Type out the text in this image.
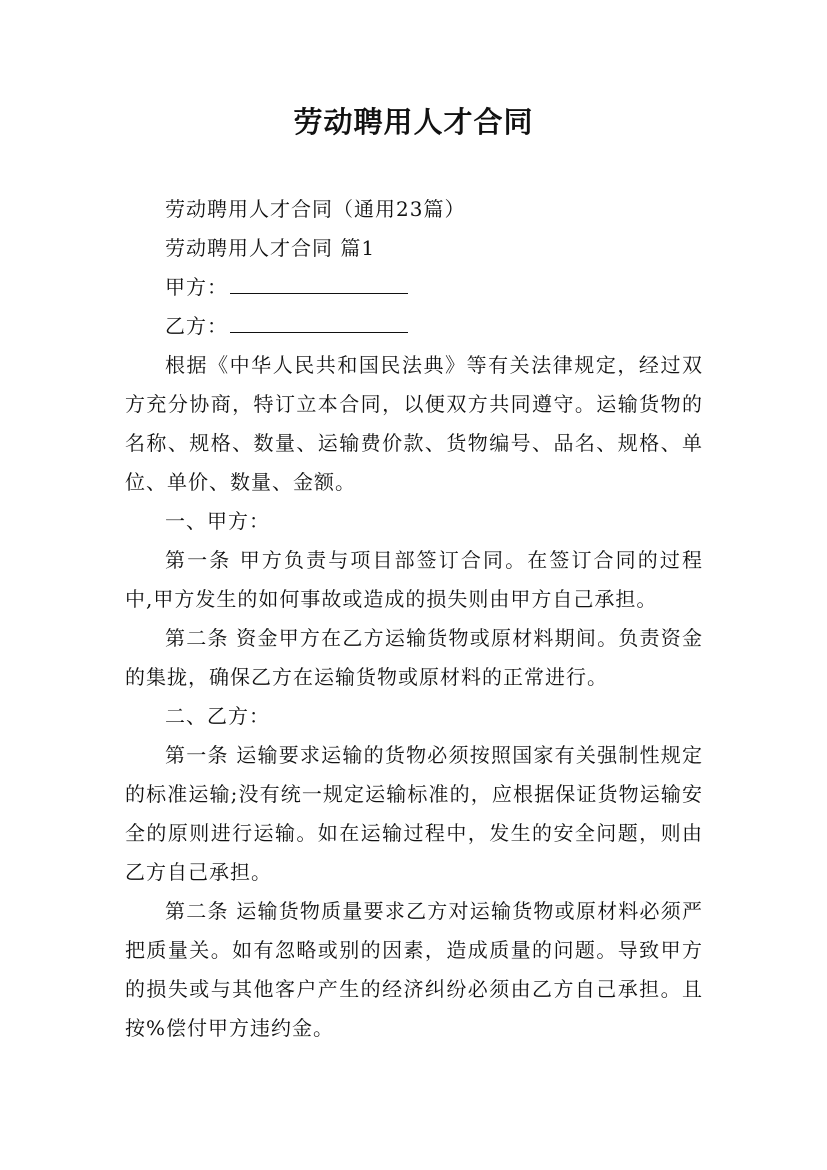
劳动聘用人才合同

劳动聘用人才合同（通用23篇）

劳动聘用人才合同 篇1

甲方：

乙方：

根据《中华人民共和国民法典》等有关法律规定，经过双方充分协商，特订立本合同，以便双方共同遵守。运输货物的名称、规格、数量、运输费价款、货物编号、品名、规格、单位、单价、数量、金额。

一、甲方：

第一条 甲方负责与项目部签订合同。在签订合同的过程中,甲方发生的如何事故或造成的损失则由甲方自己承担。

第二条 资金甲方在乙方运输货物或原材料期间。负责资金的集拢，确保乙方在运输货物或原材料的正常进行。

二、乙方：

第一条 运输要求运输的货物必须按照国家有关强制性规定的标准运输;没有统一规定运输标准的，应根据保证货物运输安全的原则进行运输。如在运输过程中，发生的安全问题，则由乙方自己承担。

第二条 运输货物质量要求乙方对运输货物或原材料必须严把质量关。如有忽略或别的因素，造成质量的问题。导致甲方的损失或与其他客户产生的经济纠纷必须由乙方自己承担。且按%偿付甲方违约金。
